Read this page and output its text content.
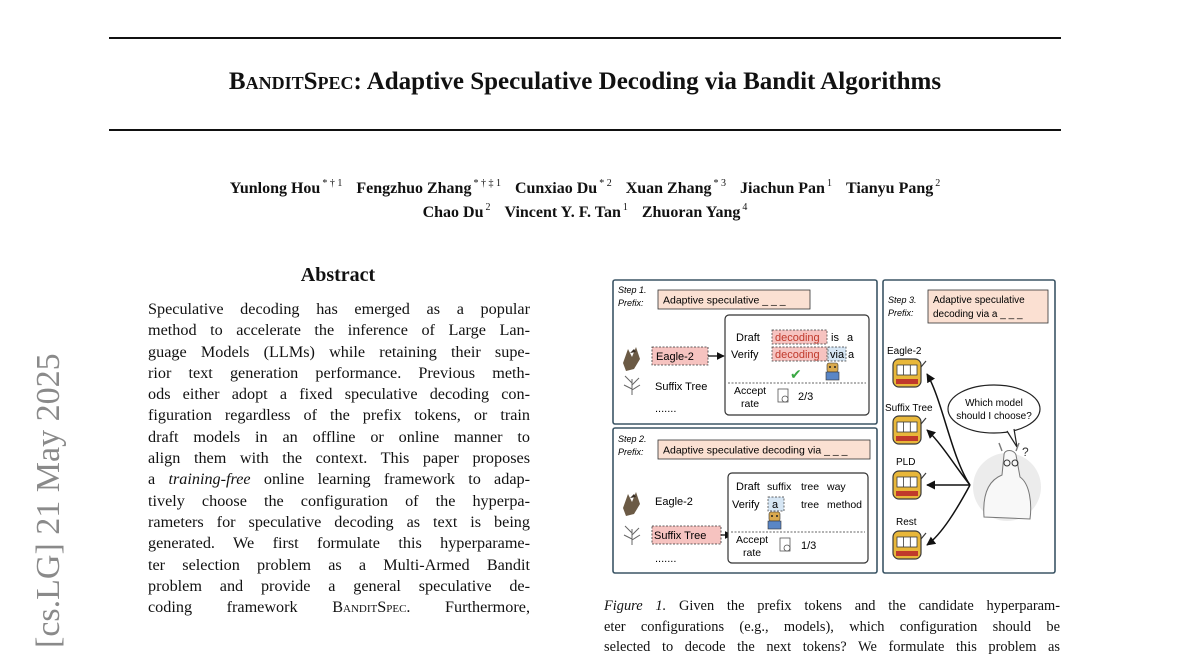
BanditSpec: Adaptive Speculative Decoding via Bandit Algorithms
Yunlong Hou $^{* \dagger 1}$ Fengzhuo Zhang $^{* \dagger \ddagger 1}$ Cunxiao Du $^{* 2}$ Xuan Zhang $^{* 3}$ Jiachun Pan $^1$ Tianyu Pang $^2$
Chao Du $^2$ Vincent Y. F. Tan $^1$ Zhuoran Yang $^4$
[cs.LG] 21 May 2025
Abstract
Speculative decoding has emerged as a popular
method to accelerate the inference of Large Lan-
guage Models (LLMs) while retaining their supe-
rior text generation performance. Previous meth-
ods either adopt a fixed speculative decoding con-
figuration regardless of the prefix tokens, or train
draft models in an offline or online manner to
align them with the context. This paper proposes
a training-free online learning framework to adap-
tively choose the configuration of the hyperpa-
rameters for speculative decoding as text is being
generated. We first formulate this hyperparame-
ter selection problem as a Multi-Armed Bandit
problem and provide a general speculative de-
coding framework BanditSpec. Furthermore,
Step 1.
Prefix: Adaptive speculative _ _ _
Eagle-2
Suffix Tree
.......
Draft decoding is a
Verify decoding via a
✔
Accept
rate
2/3
Step 2.
Prefix: Adaptive speculative decoding via _ _ _
Eagle-2
Suffix Tree
.......
Draft suffix tree way
Verify a tree method
Accept
rate
1/3
Step 3.
Prefix:
Adaptive speculative
decoding via a _ _ _
Eagle-2
Suffix Tree
PLD
Rest
Which model
should I choose?
?
Figure 1. Given the prefix tokens and the candidate hyperparam-
eter configurations (e.g., models), which configuration should be
selected to decode the next tokens? We formulate this problem as
